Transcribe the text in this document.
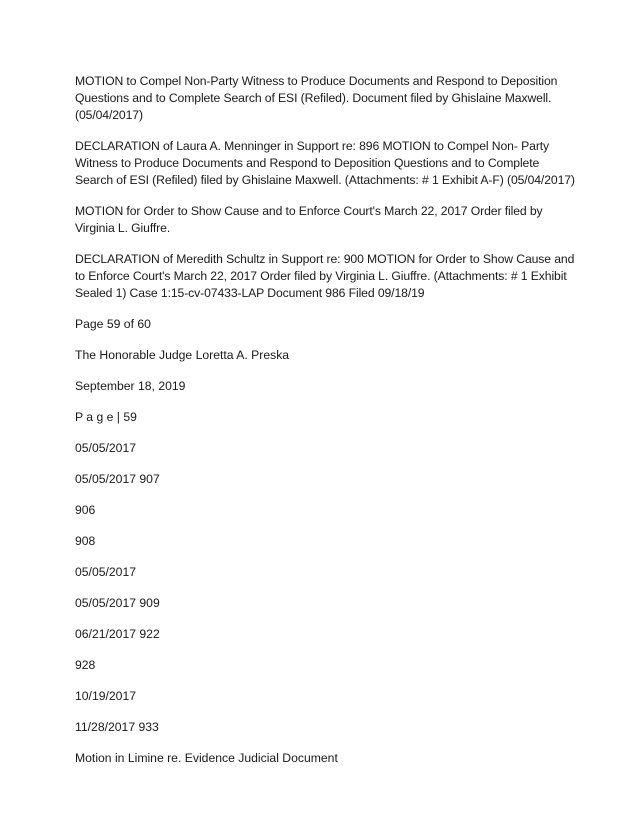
MOTION to Compel Non-Party Witness to Produce Documents and Respond to Deposition Questions and to Complete Search of ESI (Refiled). Document filed by Ghislaine Maxwell. (05/04/2017)

DECLARATION of Laura A. Menninger in Support re: 896 MOTION to Compel Non- Party Witness to Produce Documents and Respond to Deposition Questions and to Complete Search of ESI (Refiled) filed by Ghislaine Maxwell. (Attachments: # 1 Exhibit A-F) (05/04/2017)

MOTION for Order to Show Cause and to Enforce Court's March 22, 2017 Order filed by Virginia L. Giuffre.

DECLARATION of Meredith Schultz in Support re: 900 MOTION for Order to Show Cause and to Enforce Court's March 22, 2017 Order filed by Virginia L. Giuffre. (Attachments: # 1 Exhibit Sealed 1) Case 1:15-cv-07433-LAP Document 986 Filed 09/18/19

Page 59 of 60

The Honorable Judge Loretta A. Preska

September 18, 2019

P a g e | 59

05/05/2017

05/05/2017 907

906

908

05/05/2017

05/05/2017 909

06/21/2017 922

928

10/19/2017

11/28/2017 933

Motion in Limine re. Evidence Judicial Document
